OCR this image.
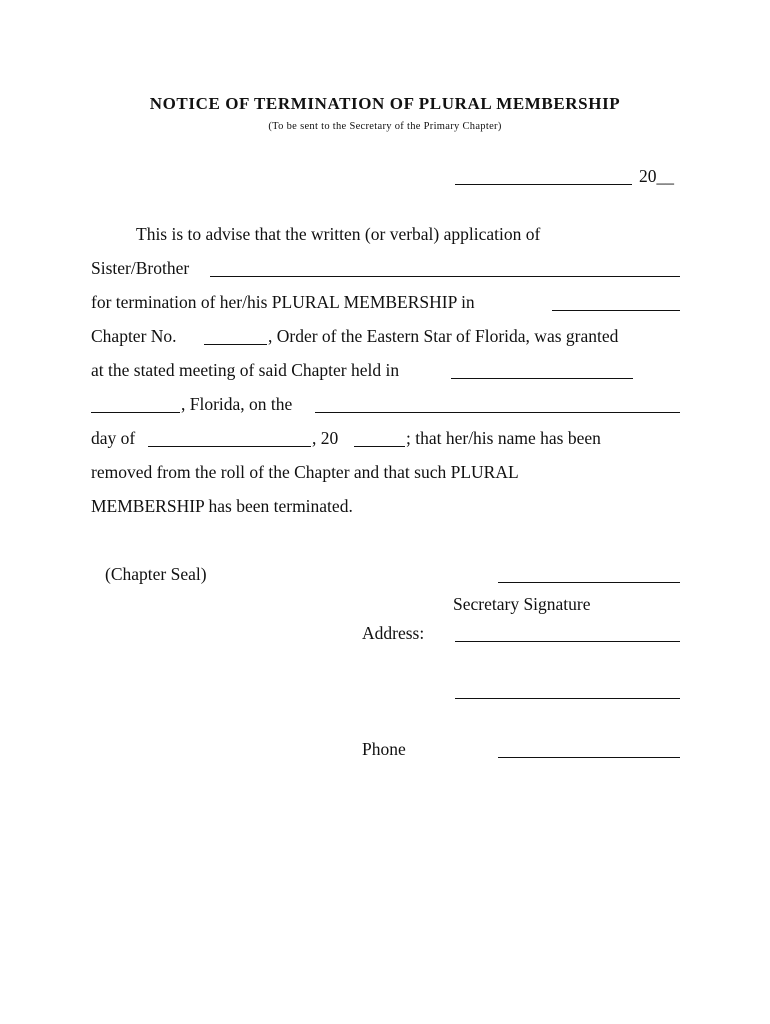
NOTICE OF TERMINATION OF PLURAL MEMBERSHIP
(To be sent to the Secretary of the Primary Chapter)
20__
This is to advise that the written (or verbal) application of
Sister/Brother
for termination of her/his PLURAL MEMBERSHIP in
Chapter No.	, Order of the Eastern Star of Florida, was granted
at the stated meeting of said Chapter held in
, Florida, on the
day of	, 20	; that her/his name has been
removed from the roll of the Chapter and that such PLURAL
MEMBERSHIP has been terminated.
(Chapter Seal)
Secretary Signature
Address:
Phone
